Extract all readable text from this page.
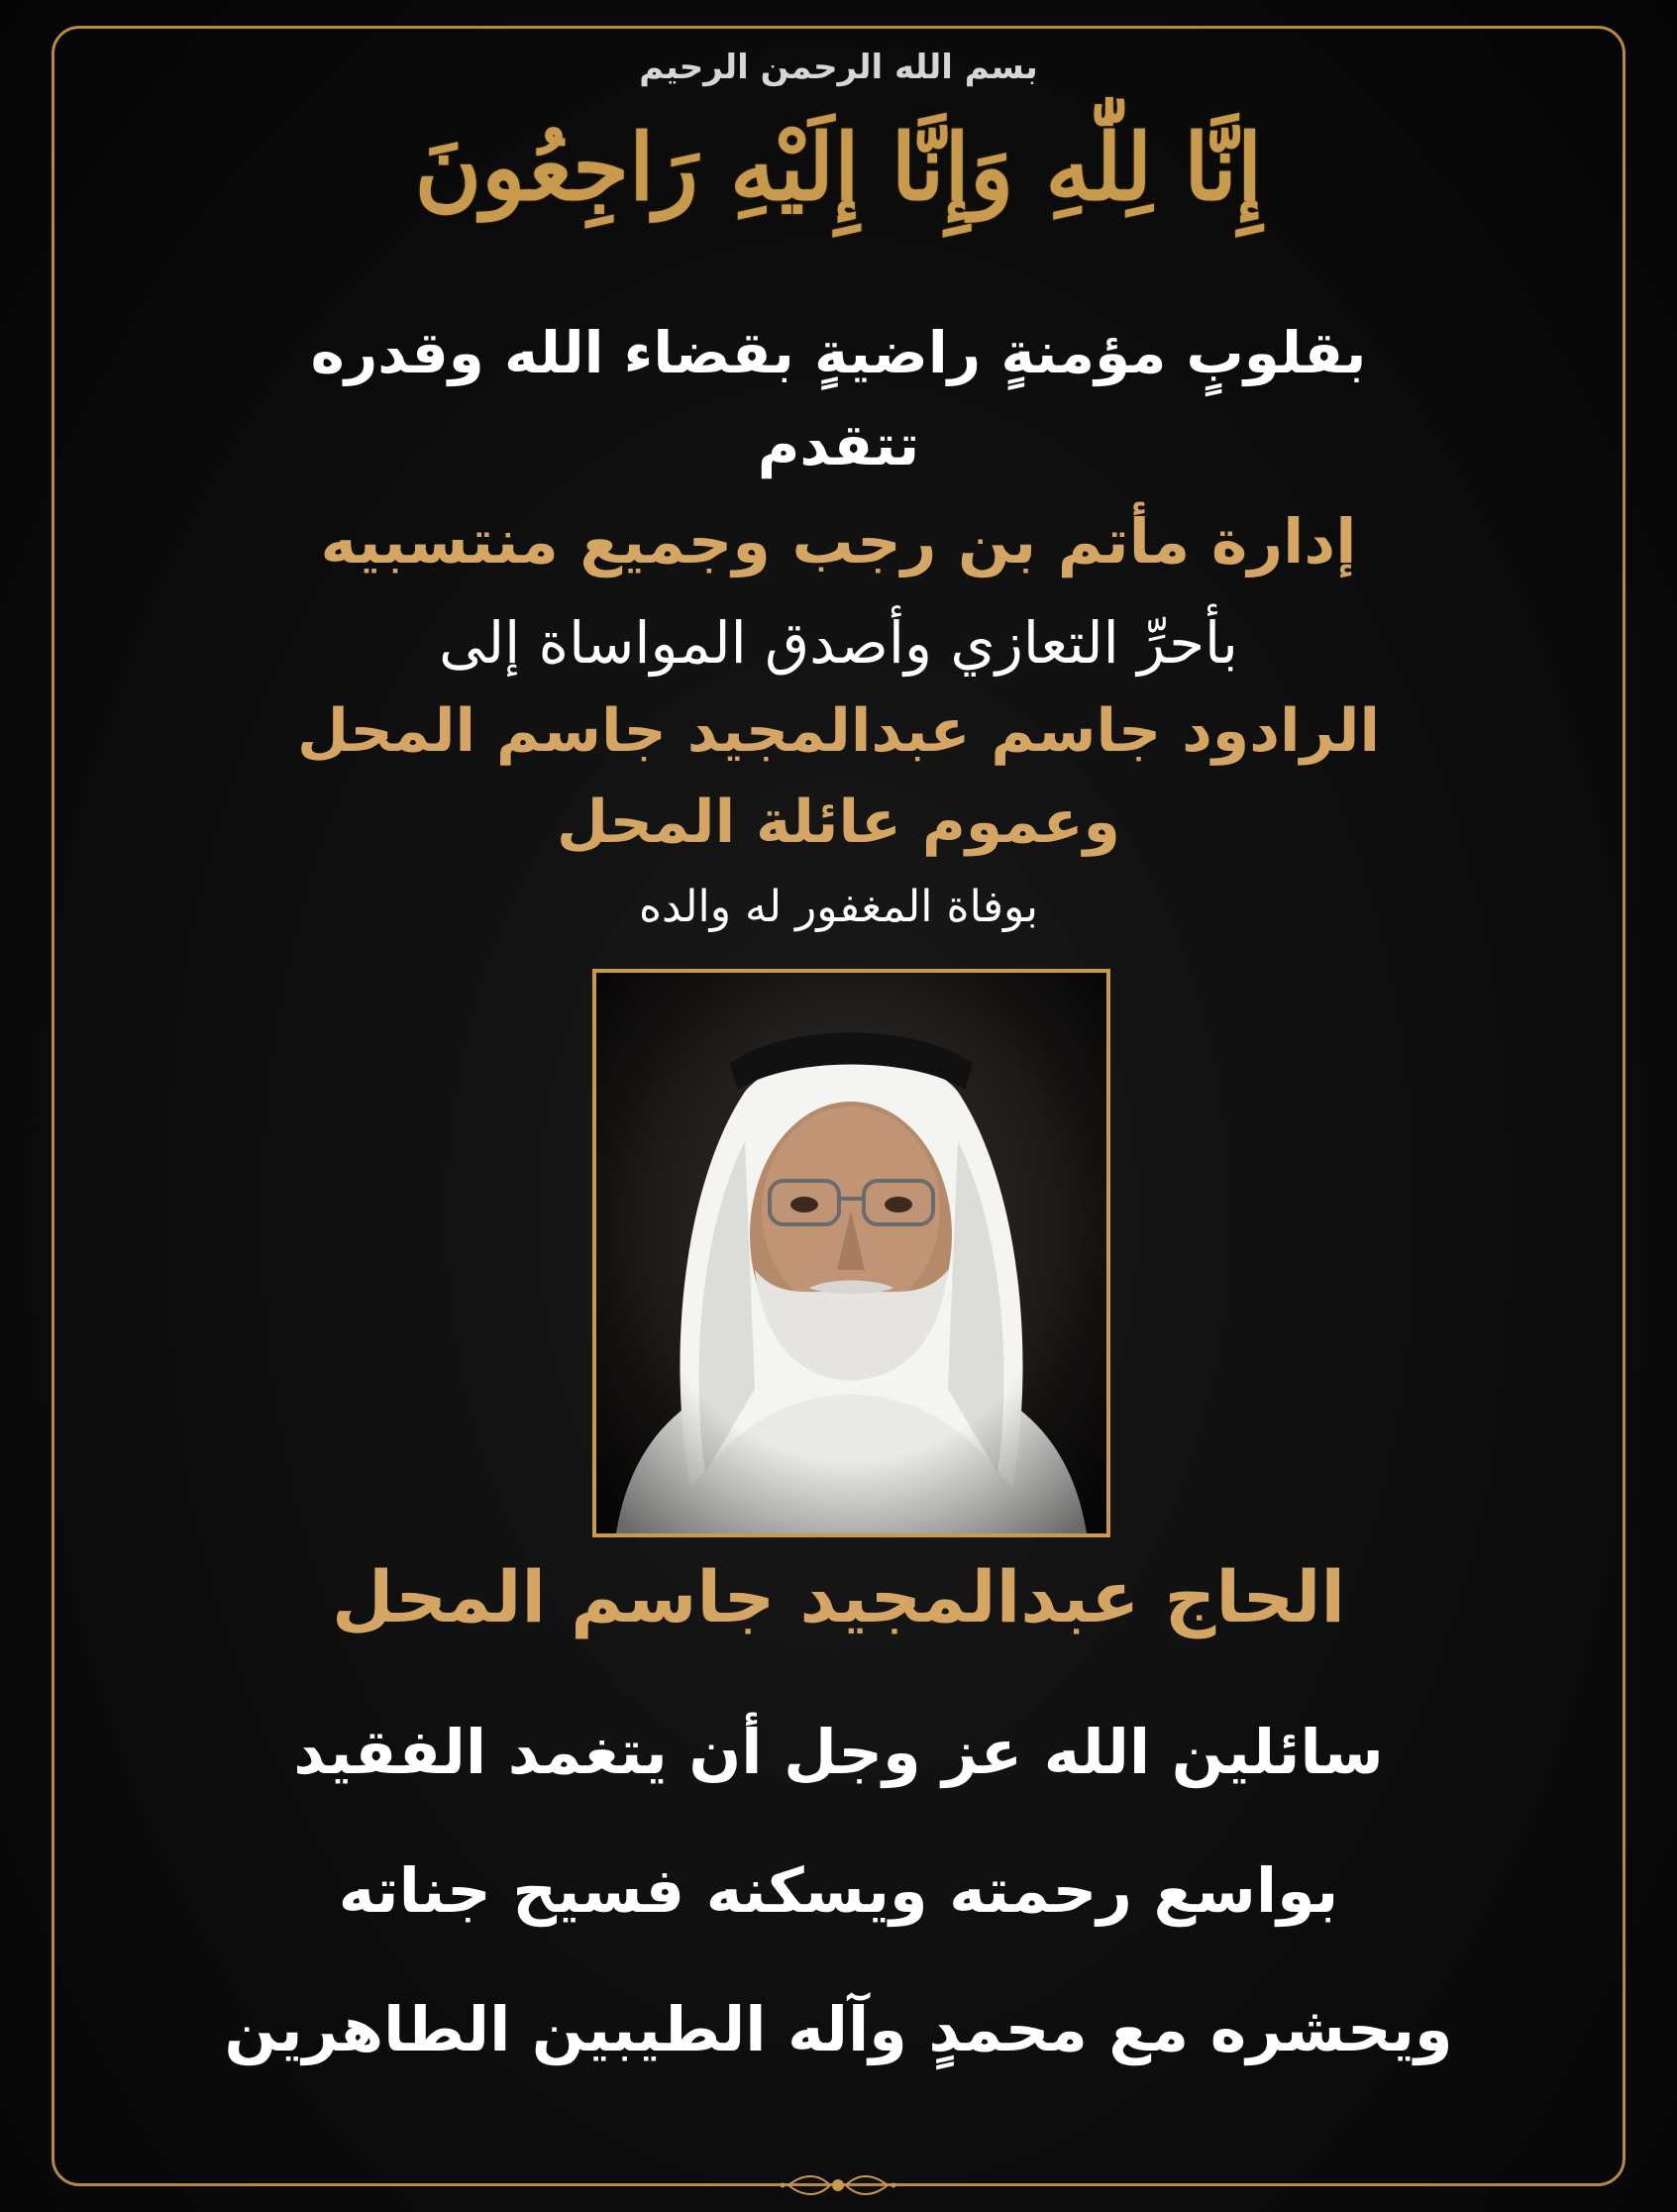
بسم الله الرحمن الرحيم
إِنَّا لِلّٰهِ وَإِنَّا إِلَيْهِ رَاجِعُونَ
بقلوبٍ مؤمنةٍ راضيةٍ بقضاء الله وقدره
تتقدم
إدارة مأتم بن رجب وجميع منتسبيه
بأحرِّ التعازي وأصدق المواساة إلى
الرادود جاسم عبدالمجيد جاسم المحل
وعموم عائلة المحل
بوفاة المغفور له والده
الحاج عبدالمجيد جاسم المحل
سائلين الله عز وجل أن يتغمد الفقيد
بواسع رحمته ويسكنه فسيح جناته
ويحشره مع محمدٍ وآله الطيبين الطاهرين
